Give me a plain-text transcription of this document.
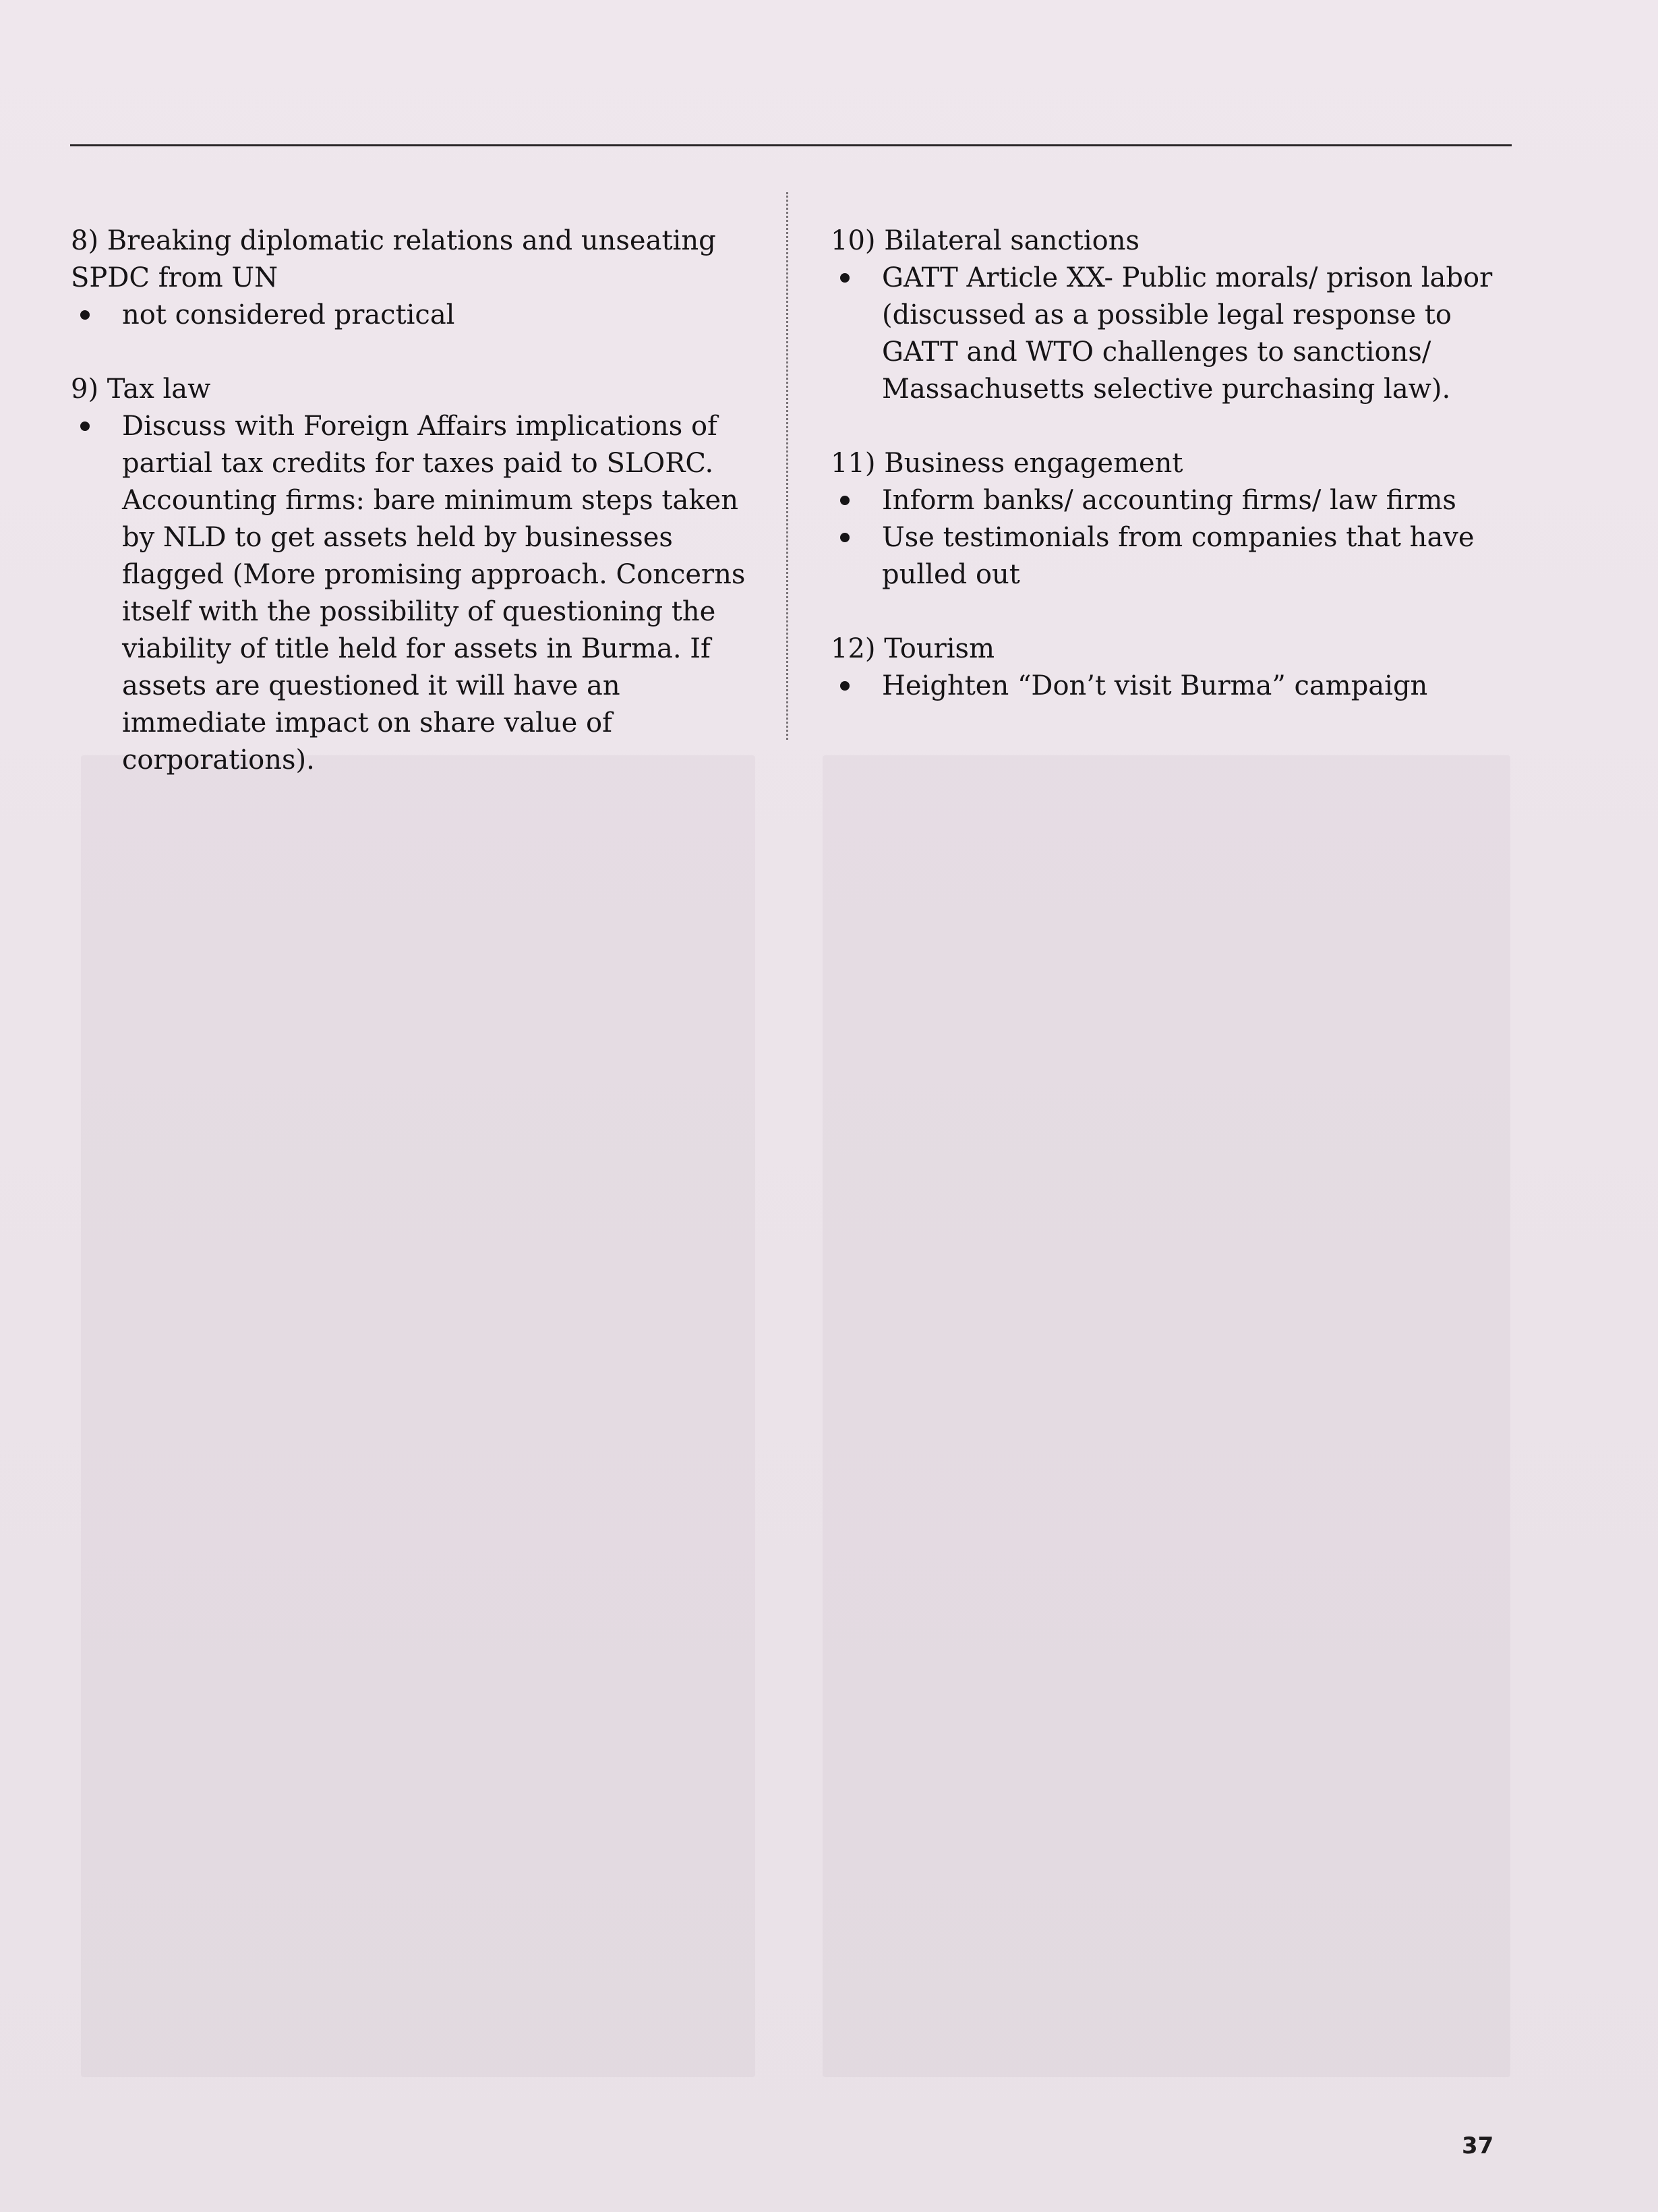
8) Breaking diplomatic relations and unseating
SPDC from UN

not considered practical

9) Tax law

Discuss with Foreign Affairs implications of partial tax credits for taxes paid to SLORC. Accounting firms: bare minimum steps taken by NLD to get assets held by businesses flagged (More promising approach. Concerns itself with the possibility of questioning the viability of title held for assets in Burma. If assets are questioned it will have an immediate impact on share value of corporations).

10) Bilateral sanctions

GATT Article XX- Public morals/ prison labor (discussed as a possible legal response to GATT and WTO challenges to sanctions/ Massachusetts selective purchasing law).

11) Business engagement

Inform banks/ accounting firms/ law firms
Use testimonials from companies that have pulled out

12) Tourism

Heighten “Don’t visit Burma” campaign
37
